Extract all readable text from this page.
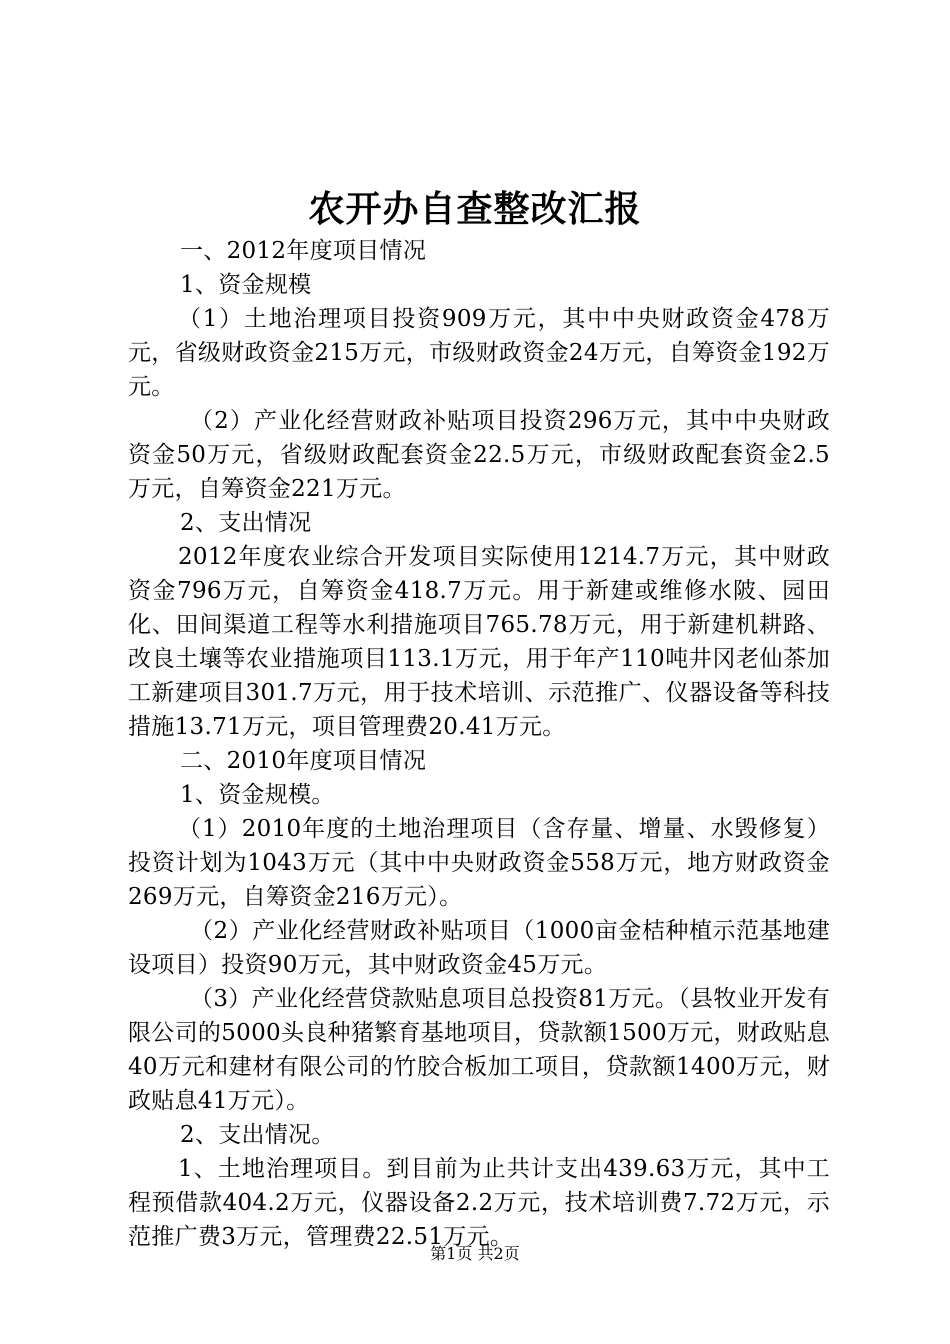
农开办自查整改汇报

一、2012年度项目情况

1、资金规模

（1）土地治理项目投资909万元，其中中央财政资金478万元，省级财政资金215万元，市级财政资金24万元，自筹资金192万元。

（2）产业化经营财政补贴项目投资296万元，其中中央财政资金50万元，省级财政配套资金22.5万元，市级财政配套资金2.5万元，自筹资金221万元。

2、支出情况

2012年度农业综合开发项目实际使用1214.7万元，其中财政资金796万元，自筹资金418.7万元。用于新建或维修水陂、园田化、田间渠道工程等水利措施项目765.78万元，用于新建机耕路、改良土壤等农业措施项目113.1万元，用于年产110吨井冈老仙茶加工新建项目301.7万元，用于技术培训、示范推广、仪器设备等科技措施13.71万元，项目管理费20.41万元。

二、2010年度项目情况

1、资金规模。

（1）2010年度的土地治理项目（含存量、增量、水毁修复）投资计划为1043万元（其中中央财政资金558万元，地方财政资金269万元，自筹资金216万元）。

（2）产业化经营财政补贴项目（1000亩金桔种植示范基地建设项目）投资90万元，其中财政资金45万元。

（3）产业化经营贷款贴息项目总投资81万元。（县牧业开发有限公司的5000头良种猪繁育基地项目，贷款额1500万元，财政贴息40万元和建材有限公司的竹胶合板加工项目，贷款额1400万元，财政贴息41万元）。

2、支出情况。

1、土地治理项目。到目前为止共计支出439.63万元，其中工程预借款404.2万元，仪器设备2.2万元，技术培训费7.72万元，示范推广费3万元，管理费22.51万元。

第1页 共2页
